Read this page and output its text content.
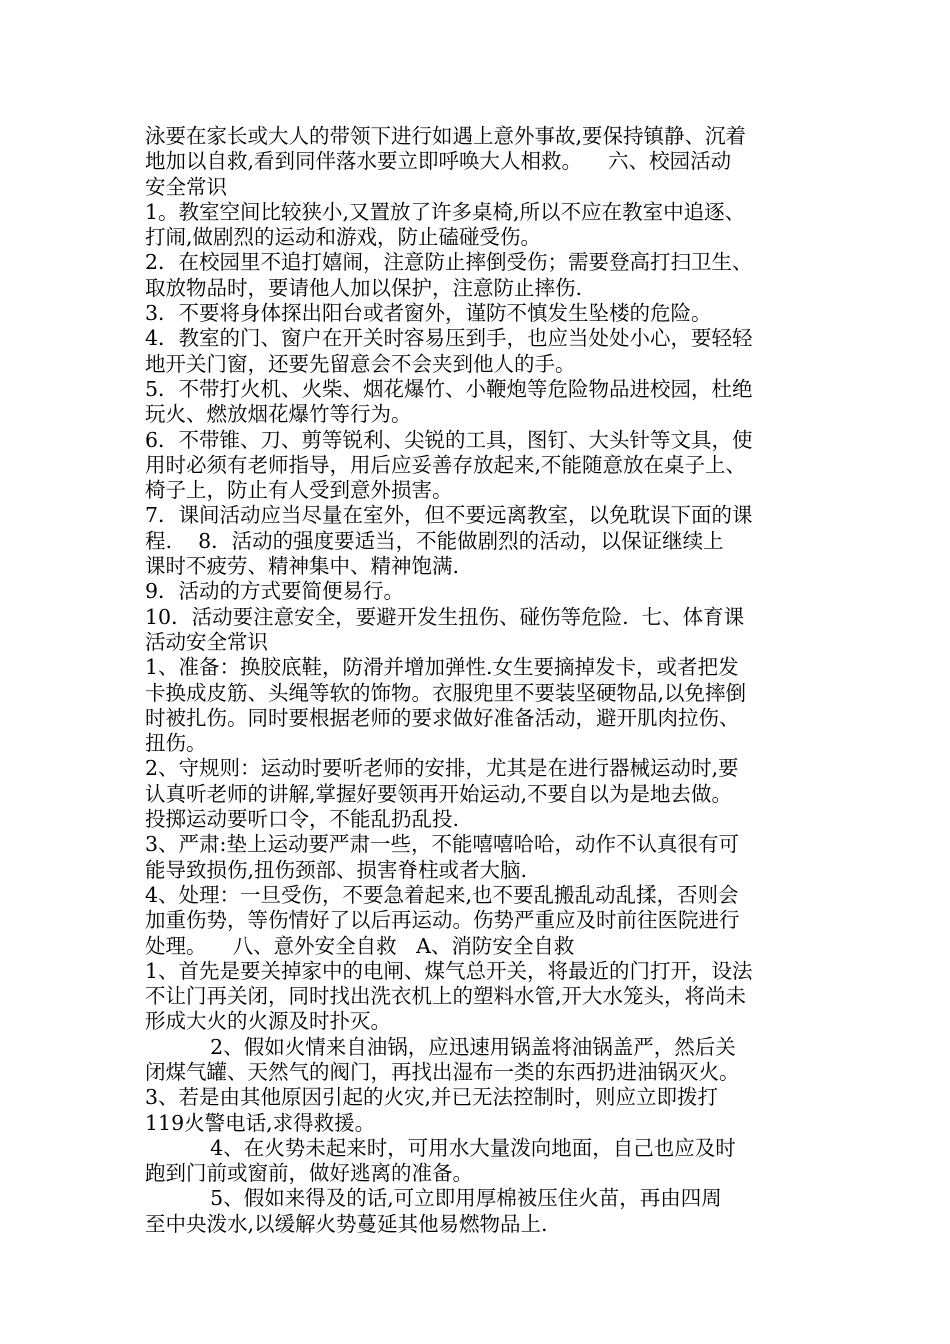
泳要在家长或大人的带领下进行如遇上意外事故,要保持镇静、沉着
地加以自救,看到同伴落水要立即呼唤大人相救。    六、校园活动
安全常识
1。教室空间比较狭小,又置放了许多桌椅,所以不应在教室中追逐、
打闹,做剧烈的运动和游戏，防止磕碰受伤。
2．在校园里不追打嬉闹，注意防止摔倒受伤；需要登高打扫卫生、
取放物品时，要请他人加以保护，注意防止摔伤.
3．不要将身体探出阳台或者窗外，谨防不慎发生坠楼的危险。
4．教室的门、窗户在开关时容易压到手，也应当处处小心，要轻轻
地开关门窗，还要先留意会不会夹到他人的手。
5．不带打火机、火柴、烟花爆竹、小鞭炮等危险物品进校园，杜绝
玩火、燃放烟花爆竹等行为。
6．不带锥、刀、剪等锐利、尖锐的工具，图钉、大头针等文具，使
用时必须有老师指导，用后应妥善存放起来,不能随意放在桌子上、
椅子上，防止有人受到意外损害。
7．课间活动应当尽量在室外，但不要远离教室，以免耽误下面的课
程.    8．活动的强度要适当，不能做剧烈的活动，以保证继续上
课时不疲劳、精神集中、精神饱满.
9．活动的方式要简便易行。
10．活动要注意安全，要避开发生扭伤、碰伤等危险.  七、体育课
活动安全常识
1、准备：换胶底鞋，防滑并增加弹性.女生要摘掉发卡，或者把发
卡换成皮筋、头绳等软的饰物。衣服兜里不要装坚硬物品,以免摔倒
时被扎伤。同时要根据老师的要求做好准备活动，避开肌肉拉伤、
扭伤。
2、守规则：运动时要听老师的安排，尤其是在进行器械运动时,要
认真听老师的讲解,掌握好要领再开始运动,不要自以为是地去做。
投掷运动要听口令，不能乱扔乱投.
3、严肃:垫上运动要严肃一些，不能嘻嘻哈哈，动作不认真很有可
能导致损伤,扭伤颈部、损害脊柱或者大脑.
4、处理：一旦受伤，不要急着起来,也不要乱搬乱动乱揉，否则会
加重伤势，等伤情好了以后再运动。伤势严重应及时前往医院进行
处理。    八、意外安全自救   A、消防安全自救
1、首先是要关掉家中的电闸、煤气总开关，将最近的门打开，设法
不让门再关闭，同时找出洗衣机上的塑料水管,开大水笼头，将尚未
形成大火的火源及时扑灭。
2、假如火情来自油锅，应迅速用锅盖将油锅盖严，然后关
闭煤气罐、天然气的阀门，再找出湿布一类的东西扔进油锅灭火。
3、若是由其他原因引起的火灾,并已无法控制时，则应立即拨打
119火警电话,求得救援。
4、在火势未起来时，可用水大量泼向地面，自己也应及时
跑到门前或窗前，做好逃离的准备。
5、假如来得及的话,可立即用厚棉被压住火苗，再由四周
至中央泼水,以缓解火势蔓延其他易燃物品上.
